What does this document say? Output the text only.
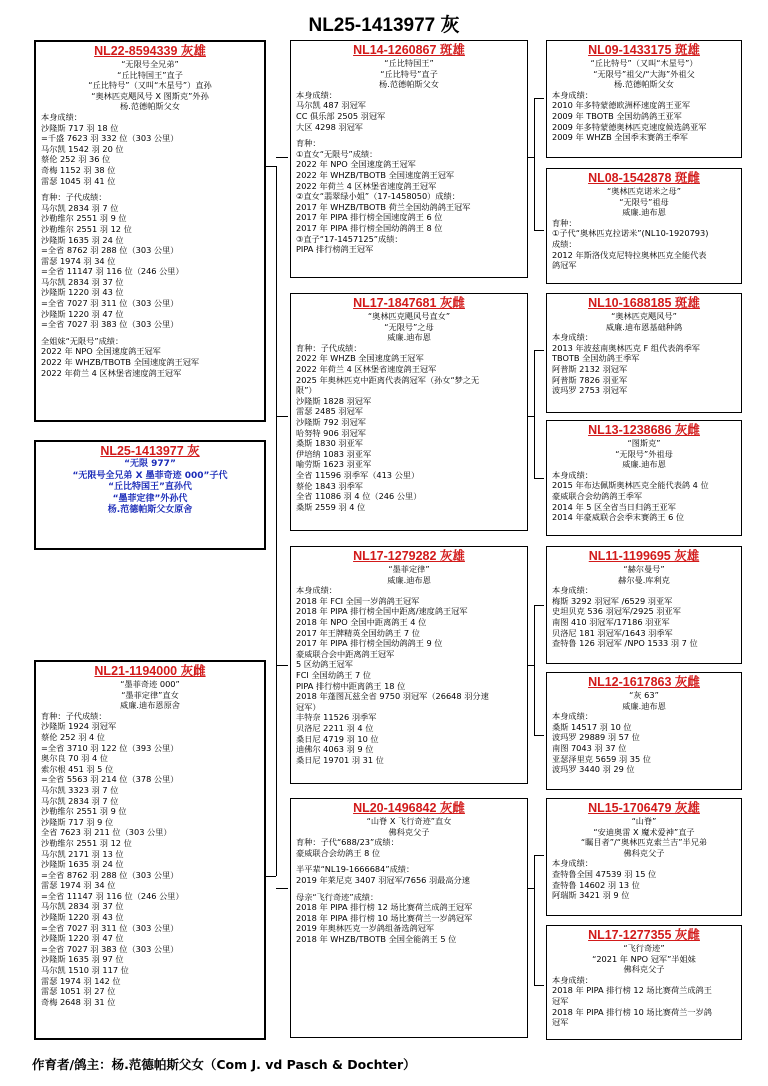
NL25-1413977 灰
NL22-8594339 灰雄
“无限号全兄弟”
“丘比特国王”直子
“丘比特号”（又叫“木星号”）直孙
“奥林匹克飓风号 X 图斯克”外孙
杨.范德帕斯父女
本身成绩：
沙隆斯 717 羽 18 位
=千盛 7623 羽 332 位（303 公里）
马尔凯 1542 羽 20 位
蔡伦 252 羽 36 位
奇梅 1152 羽 38 位
雷瑟 1045 羽 41 位
育种：子代成绩：
马尔凯 2834 羽 7 位
沙勒维尔 2551 羽 9 位
沙勒维尔 2551 羽 12 位
沙隆斯 1635 羽 24 位
=全省 8762 羽 288 位（303 公里）
雷瑟 1974 羽 34 位
=全省 11147 羽 116 位（246 公里）
马尔凯 2834 羽 37 位
沙隆斯 1220 羽 43 位
=全省 7027 羽 311 位（303 公里）
沙隆斯 1220 羽 47 位
=全省 7027 羽 383 位（303 公里）
全姐妹“无限号”成绩：
2022 年 NPO 全国速度鸽王冠军
2022 年 WHZB/TBOTB 全国速度鸽王冠军
2022 年荷兰 4 区林堡省速度鸽王冠军
NL25-1413977 灰
“无限 977”
“无限号全兄弟 X 墨菲奇迹 000”子代
“丘比特国王”直孙代
“墨菲定律”外孙代
杨.范德帕斯父女原舍
NL21-1194000 灰雌
“墨菲奇迹 000”
“墨菲定律”直女
威廉.迪布恩原舍
育种：子代成绩：
沙隆斯 1924 羽冠军
蔡伦 252 羽 4 位
=全省 3710 羽 122 位（393 公里）
奥尔良 70 羽 4 位
索尔根 451 羽 5 位
=全省 5563 羽 214 位（378 公里）
马尔凯 3323 羽 7 位
马尔凯 2834 羽 7 位
沙勒维尔 2551 羽 9 位
沙隆斯 717 羽 9 位
全省 7623 羽 211 位（303 公里）
沙勒维尔 2551 羽 12 位
马尔凯 2171 羽 13 位
沙隆斯 1635 羽 24 位
=全省 8762 羽 288 位（303 公里）
雷瑟 1974 羽 34 位
=全省 11147 羽 116 位（246 公里）
马尔凯 2834 羽 37 位
沙隆斯 1220 羽 43 位
=全省 7027 羽 311 位（303 公里）
沙隆斯 1220 羽 47 位
=全省 7027 羽 383 位（303 公里）
沙隆斯 1635 羽 97 位
马尔凯 1510 羽 117 位
雷瑟 1974 羽 142 位
雷瑟 1051 羽 27 位
奇梅 2648 羽 31 位
NL14-1260867 斑雄
“丘比特国王”
“丘比特号”直子
杨.范德帕斯父女
本身成绩：
马尔凯 487 羽冠军
CC 俱乐部 2505 羽冠军
大区 4298 羽冠军
育种：
①直女“无限号”成绩：
2022 年 NPO 全国速度鸽王冠军
2022 年 WHZB/TBOTB 全国速度鸽王冠军
2022 年荷兰 4 区林堡省速度鸽王冠军
②直女“翡翠绿小姐”（17-1458050）成绩：
2017 年 WHZB/TBOTB 荷兰全国幼鸽鸽王冠军
2017 年 PIPA 排行榜全国速度鸽王 6 位
2017 年 PIPA 排行榜全国幼鸽鸽王 8 位
③直子“17-1457125”成绩：
PIPA 排行榜鸽王冠军
NL17-1847681 灰雌
“奥林匹克飓风号直女”
“无限号”之母
威廉.迪布恩
育种：子代成绩：
2022 年 WHZB 全国速度鸽王冠军
2022 年荷兰 4 区林堡省速度鸽王冠军
2025 年奥林匹克中距离代表鸽冠军（孙女“梦之无
限”）
沙隆斯 1828 羽冠军
雷瑟 2485 羽冠军
沙隆斯 792 羽冠军
哈努特 906 羽冠军
桑斯 1830 羽亚军
伊培纳 1083 羽亚军
喻劳斯 1623 羽亚军
全省 11596 羽季军（413 公里）
蔡伦 1843 羽季军
全省 11086 羽 4 位（246 公里）
桑斯 2559 羽 4 位
NL17-1279282 灰雄
“墨菲定律”
威廉.迪布恩
本身成绩：
2018 年 FCI 全国一岁鸽鸽王冠军
2018 年 PIPA 排行榜全国中距离/速度鸽王冠军
2018 年 NPO 全国中距离鸽王 4 位
2017 年王牌精英全国幼鸽王 7 位
2017 年 PIPA 排行榜全国幼鸽鸽王 9 位
豪威联合会中距离鸽王冠军
5 区幼鸽王冠军
FCI 全国幼鸽王 7 位
PIPA 排行榜中距离鸽王 18 位
2018 年蓬图瓦兹全省 9750 羽冠军（26648 羽分速
冠军）
丰特奈 11526 羽季军
贝洛尼 2211 羽 4 位
桑日尼 4719 羽 10 位
迪佛尔 4063 羽 9 位
桑日尼 19701 羽 31 位
NL20-1496842 灰雌
“山脊 X 飞行奇迹”直女
佛科克父子
育种：子代“688/23”成绩：
豪威联合会幼鸽王 8 位
半平辈“NL19-1666684”成绩：
2019 年莱尼克 3407 羽冠军/7656 羽最高分速
母亲“飞行奇迹”成绩：
2018 年 PIPA 排行榜 12 场比赛荷兰成鸽王冠军
2018 年 PIPA 排行榜 10 场比赛荷兰一岁鸽冠军
2019 年奥林匹克一岁鸽组备选鸽冠军
2018 年 WHZB/TBOTB 全国全能鸽王 5 位
NL09-1433175 斑雄
“丘比特号”（又叫“木星号”）
“无限号”祖父/“大海”外祖父
杨.范德帕斯父女
本身成绩：
2010 年多特蒙德欧洲杯速度鸽王亚军
2009 年 TBOTB 全国幼鸽鸽王亚军
2009 年多特蒙德奥林匹克速度候选鸽亚军
2009 年 WHZB 全国季末赛鸽王季军
NL08-1542878 斑雌
“奥林匹克诺米之母”
“无限号”祖母
威廉.迪布恩
育种：
①子代“奥林匹克拉诺米”(NL10-1920793)
成绩：
2012 年斯洛伐克尼特拉奥林匹克全能代表
鸽冠军
NL10-1688185 斑雄
“奥林匹克飓风号”
威廉.迪布恩基础种鸽
本身成绩：
2013 年波兹南奥林匹克 F 组代表鸽季军
TBOTB 全国幼鸽王季军
阿普斯 2132 羽冠军
阿普斯 7826 羽亚军
波玛罗 2753 羽冠军
NL13-1238686 灰雌
“图斯克”
“无限号”外祖母
威廉.迪布恩
本身成绩：
2015 年布达佩斯奥林匹克全能代表鸽 4 位
豪威联合会幼鸽鸽王季军
2014 年 5 区全省当日归鸽王亚军
2014 年豪威联合会季末赛鸽王 6 位
NL11-1199695 灰雄
“赫尔曼号”
赫尔曼.库利克
本身成绩：
梅斯 3292 羽冠军 /6529 羽亚军
史坦贝克 536 羽冠军/2925 羽亚军
南图 410 羽冠军/17186 羽亚军
贝洛尼 181 羽冠军/1643 羽季军
查特鲁 126 羽冠军 /NPO 1533 羽 7 位
NL12-1617863 灰雌
“灰 63”
威廉.迪布恩
本身成绩：
桑斯 14517 羽 10 位
波玛罗 29889 羽 57 位
南图 7043 羽 37 位
亚瑟泽里克 5659 羽 35 位
波玛罗 3440 羽 29 位
NL15-1706479 灰雄
“山脊”
“安迪奥雷 X 魔术爱神”直子
“瞩目者”/“奥林匹克索兰吉”半兄弟
佛科克父子
本身成绩：
查特鲁全国 47539 羽 15 位
查特鲁 14602 羽 13 位
阿瑞斯 3421 羽 9 位
NL17-1277355 灰雌
“飞行奇迹”
“2021 年 NPO 冠军”半姐妹
佛科克父子
本身成绩：
2018 年 PIPA 排行榜 12 场比赛荷兰成鸽王
冠军
2018 年 PIPA 排行榜 10 场比赛荷兰一岁鸽
冠军
作育者/鸽主：杨.范德帕斯父女（Com J. vd Pasch & Dochter）
